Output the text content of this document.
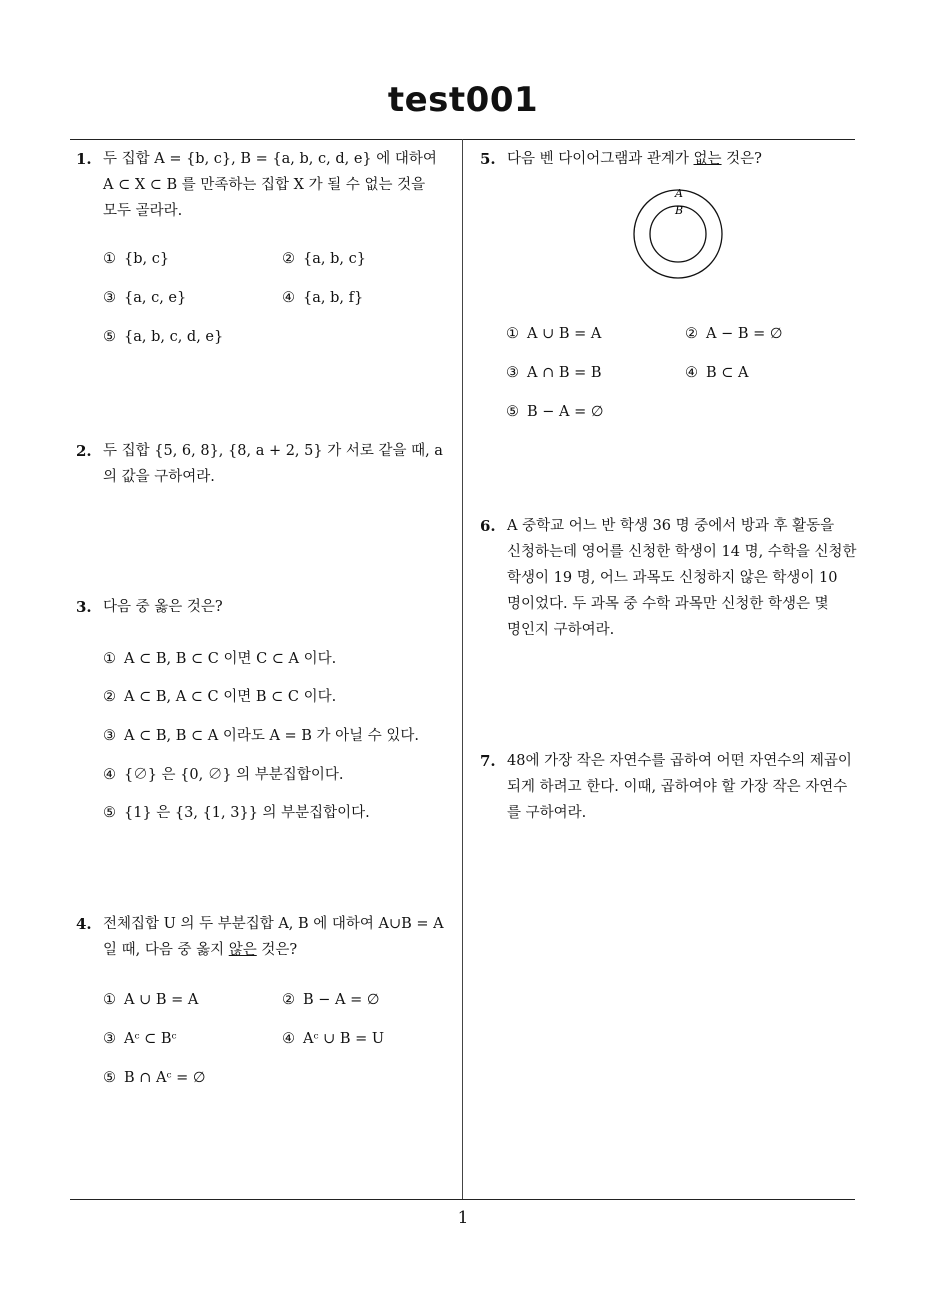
test001
1
1. 두 집합 A = {b, c}, B = {a, b, c, d, e} 에 대하여
A ⊂ X ⊂ B 를 만족하는 집합 X 가 될 수 없는 것을
모두 골라라.
① {b, c}	② {a, b, c}
③ {a, c, e}	④ {a, b, f}
⑤ {a, b, c, d, e}
2. 두 집합 {5, 6, 8}, {8, a + 2, 5} 가 서로 같을 때, a
의 값을 구하여라.
3. 다음 중 옳은 것은?
① A ⊂ B, B ⊂ C 이면 C ⊂ A 이다.
② A ⊂ B, A ⊂ C 이면 B ⊂ C 이다.
③ A ⊂ B, B ⊂ A 이라도 A = B 가 아닐 수 있다.
④ {∅} 은 {0, ∅} 의 부분집합이다.
⑤ {1} 은 {3, {1, 3}} 의 부분집합이다.
4. 전체집합 U 의 두 부분집합 A, B 에 대하여 A∪B = A
일 때, 다음 중 옳지 않은 것은?
① A ∪ B = A	② B − A = ∅
③ Aᶜ ⊂ Bᶜ	④ Aᶜ ∪ B = U
⑤ B ∩ Aᶜ = ∅
5. 다음 벤 다이어그램과 관계가 없는 것은?
A
B
① A ∪ B = A	② A − B = ∅
③ A ∩ B = B	④ B ⊂ A
⑤ B − A = ∅
6. A 중학교 어느 반 학생 36 명 중에서 방과 후 활동을
신청하는데 영어를 신청한 학생이 14 명, 수학을 신청한
학생이 19 명, 어느 과목도 신청하지 않은 학생이 10
명이었다. 두 과목 중 수학 과목만 신청한 학생은 몇
명인지 구하여라.
7. 48에 가장 작은 자연수를 곱하여 어떤 자연수의 제곱이
되게 하려고 한다. 이때, 곱하여야 할 가장 작은 자연수
를 구하여라.
